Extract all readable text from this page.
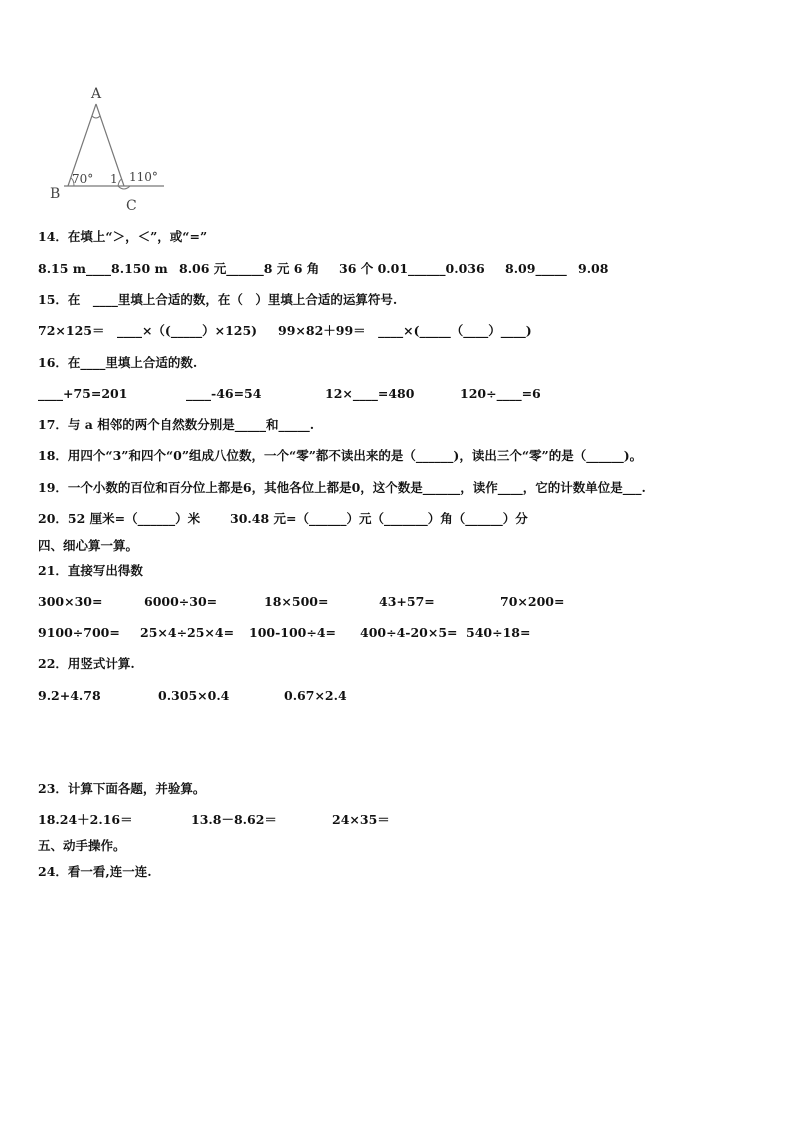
A
B
C
70° 1 110°
14．在填上“＞，＜”，或“=”
8.15 m____8.150 m 8.06 元______8 元 6 角 36 个 0.01______0.036 8.09_____ 9.08
15．在　____里填上合适的数，在（　）里填上合适的运算符号.
72×125＝　____×（(_____）×125) 99×82＋99＝　____×(_____（____）____)
16．在____里填上合适的数.
____+75=201	____-46=54	12×____=480	120÷____=6
17．与 a 相邻的两个自然数分别是_____和_____.
18．用四个“3”和四个“0”组成八位数，一个“零”都不读出来的是（______)，读出三个“零”的是（______)。
19．一个小数的百位和百分位上都是6，其他各位上都是0，这个数是______，读作____，它的计数单位是___.
20．52 厘米=（______）米 30.48 元=（______）元（_______）角（______）分
四、细心算一算。
21．直接写出得数
300×30=	6000÷30=	18×500=	43+57=	70×200=
9100÷700= 25×4÷25×4= 100-100÷4= 400÷4-20×5= 540÷18=
22．用竖式计算.
9.2+4.78	0.305×0.4	0.67×2.4
23．计算下面各题，并验算。
18.24＋2.16＝	13.8－8.62＝	24×35＝
五、动手操作。
24．看一看,连一连.
